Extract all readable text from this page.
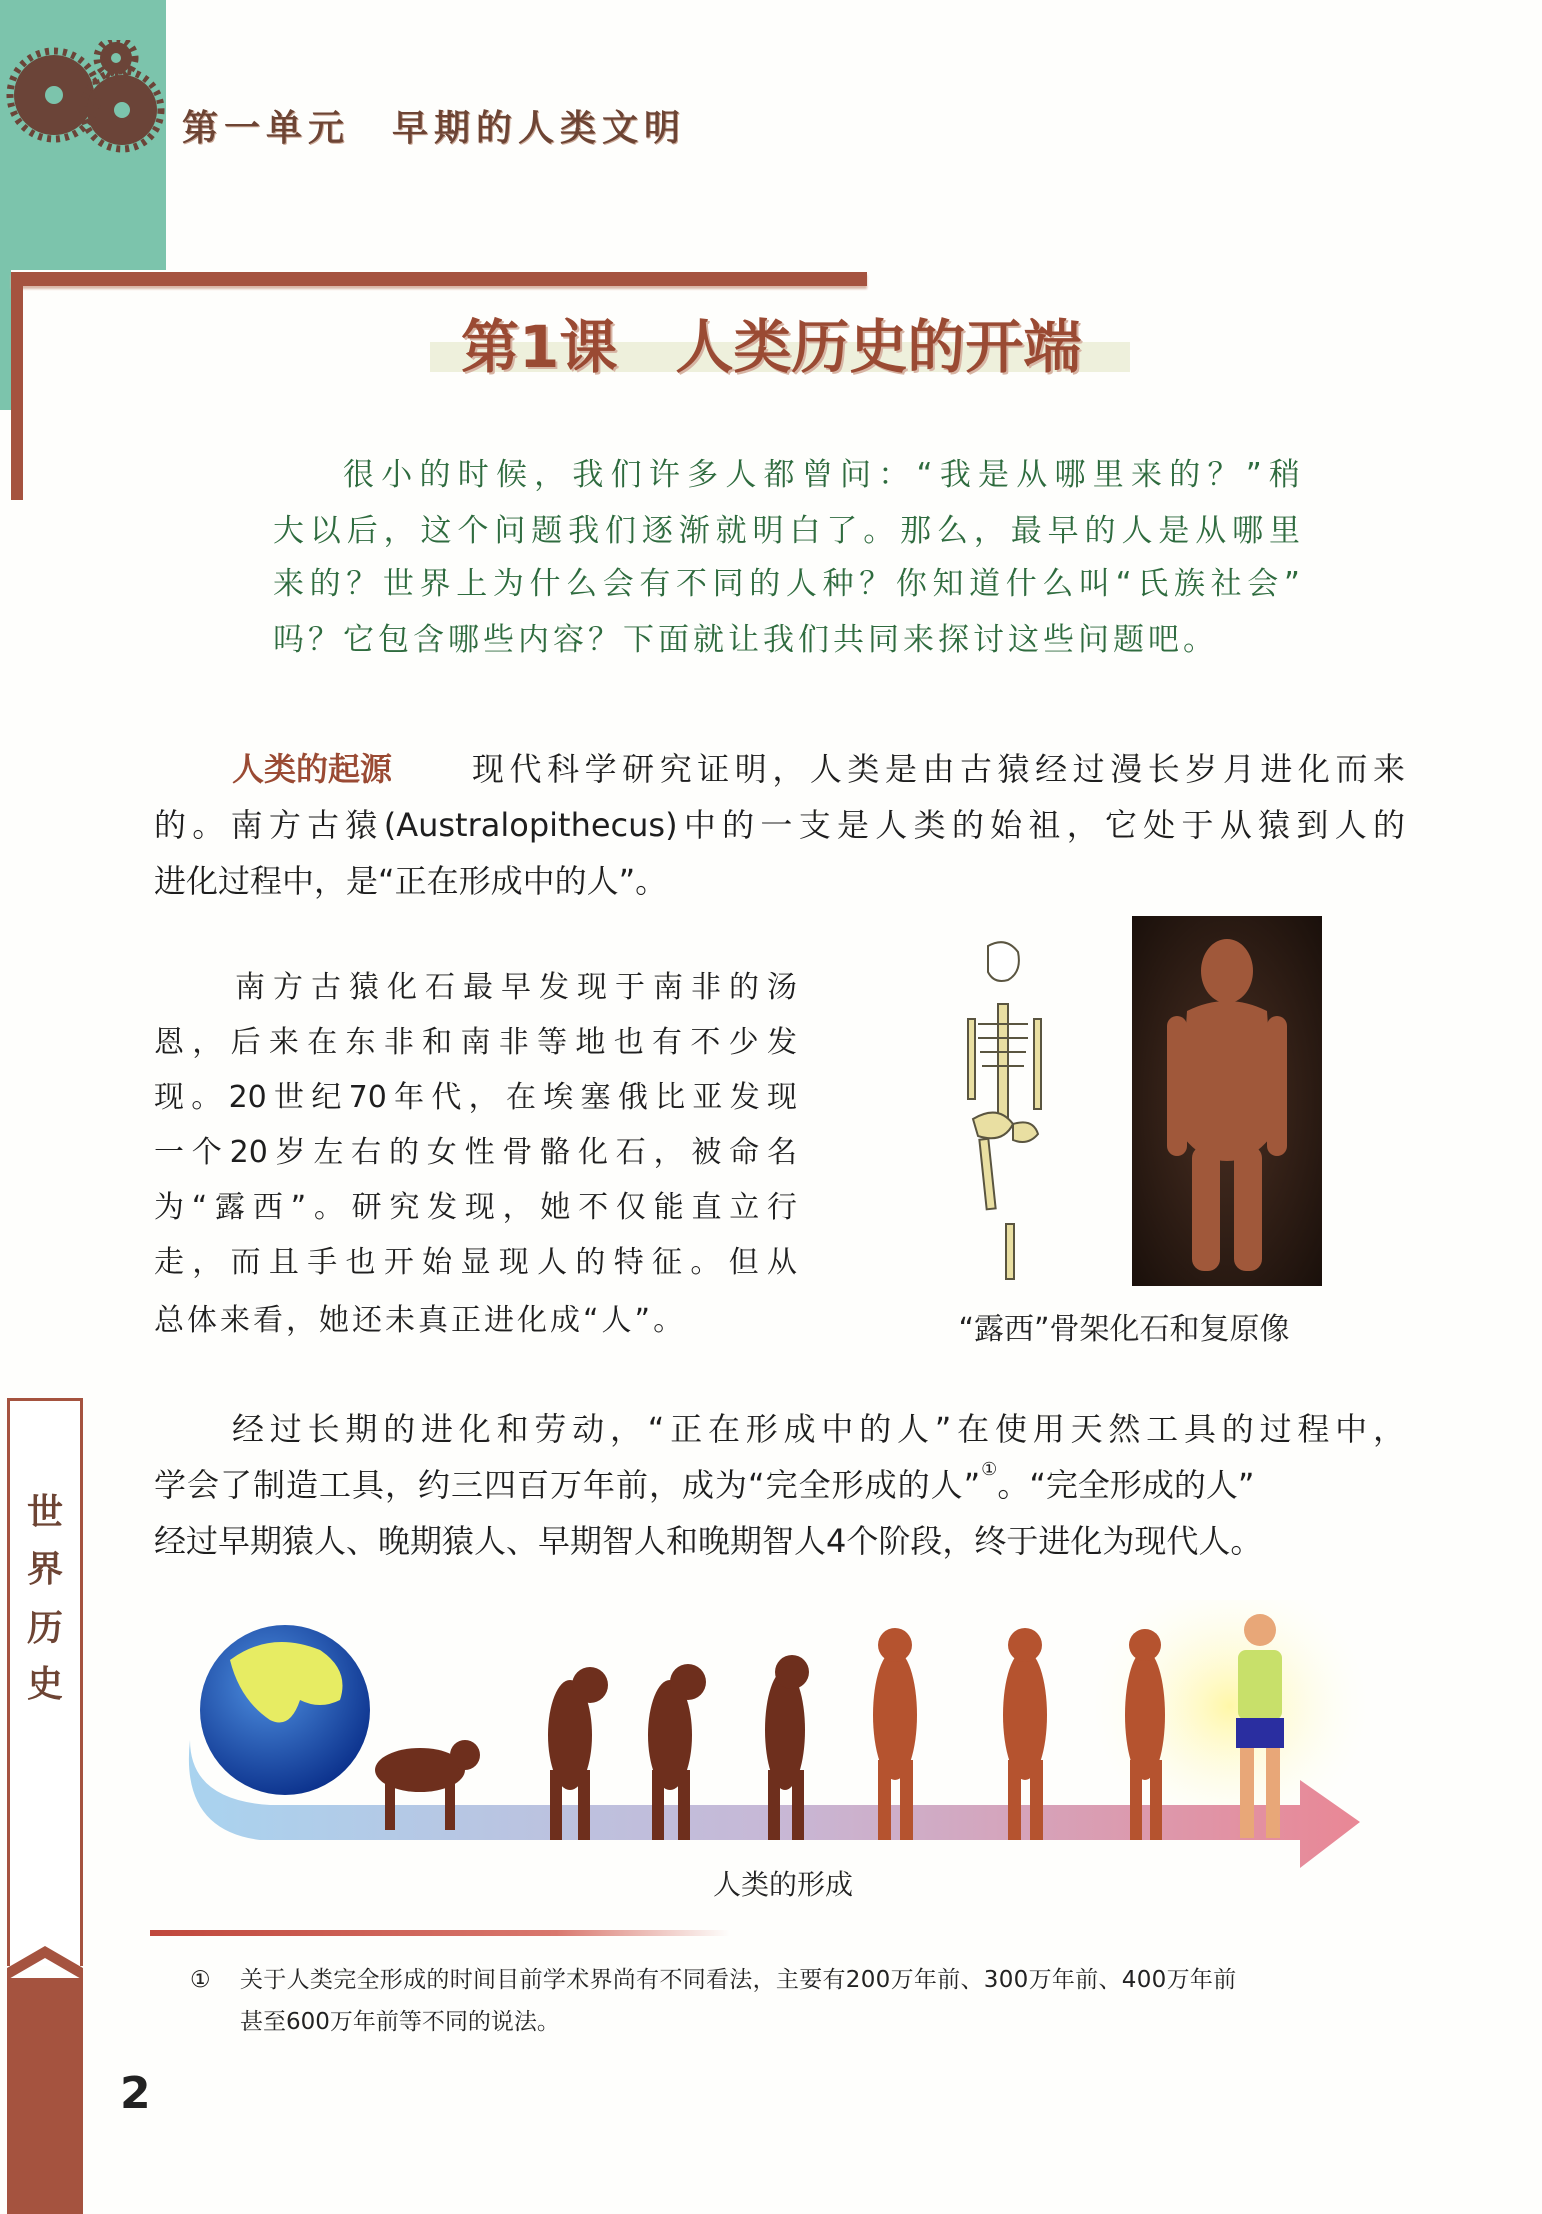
第一单元　早期的人类文明
第1课　人类历史的开端
很小的时候，我们许多人都曾问：“我是从哪里来的？”稍
大以后，这个问题我们逐渐就明白了。那么，最早的人是从哪里
来的？世界上为什么会有不同的人种？你知道什么叫“氏族社会”
吗？它包含哪些内容？下面就让我们共同来探讨这些问题吧。
人类的起源 现代科学研究证明，人类是由古猿经过漫长岁月进化而来
的。南方古猿(Australopithecus)中的一支是人类的始祖，它处于从猿到人的
进化过程中，是“正在形成中的人”。
南方古猿化石最早发现于南非的汤
恩，后来在东非和南非等地也有不少发
现。20世纪70年代，在埃塞俄比亚发现
一个20岁左右的女性骨骼化石，被命名
为“露西”。研究发现，她不仅能直立行
走，而且手也开始显现人的特征。但从
总体来看，她还未真正进化成“人”。	“露西”骨架化石和复原像
世
界
历
史
经过长期的进化和劳动，“正在形成中的人”在使用天然工具的过程中，
学会了制造工具，约三四百万年前，成为“完全形成的人”①。“完全形成的人”
经过早期猿人、晚期猿人、早期智人和晚期智人4个阶段，终于进化为现代人。
人类的形成
① 关于人类完全形成的时间目前学术界尚有不同看法，主要有200万年前、300万年前、400万年前
甚至600万年前等不同的说法。
2
